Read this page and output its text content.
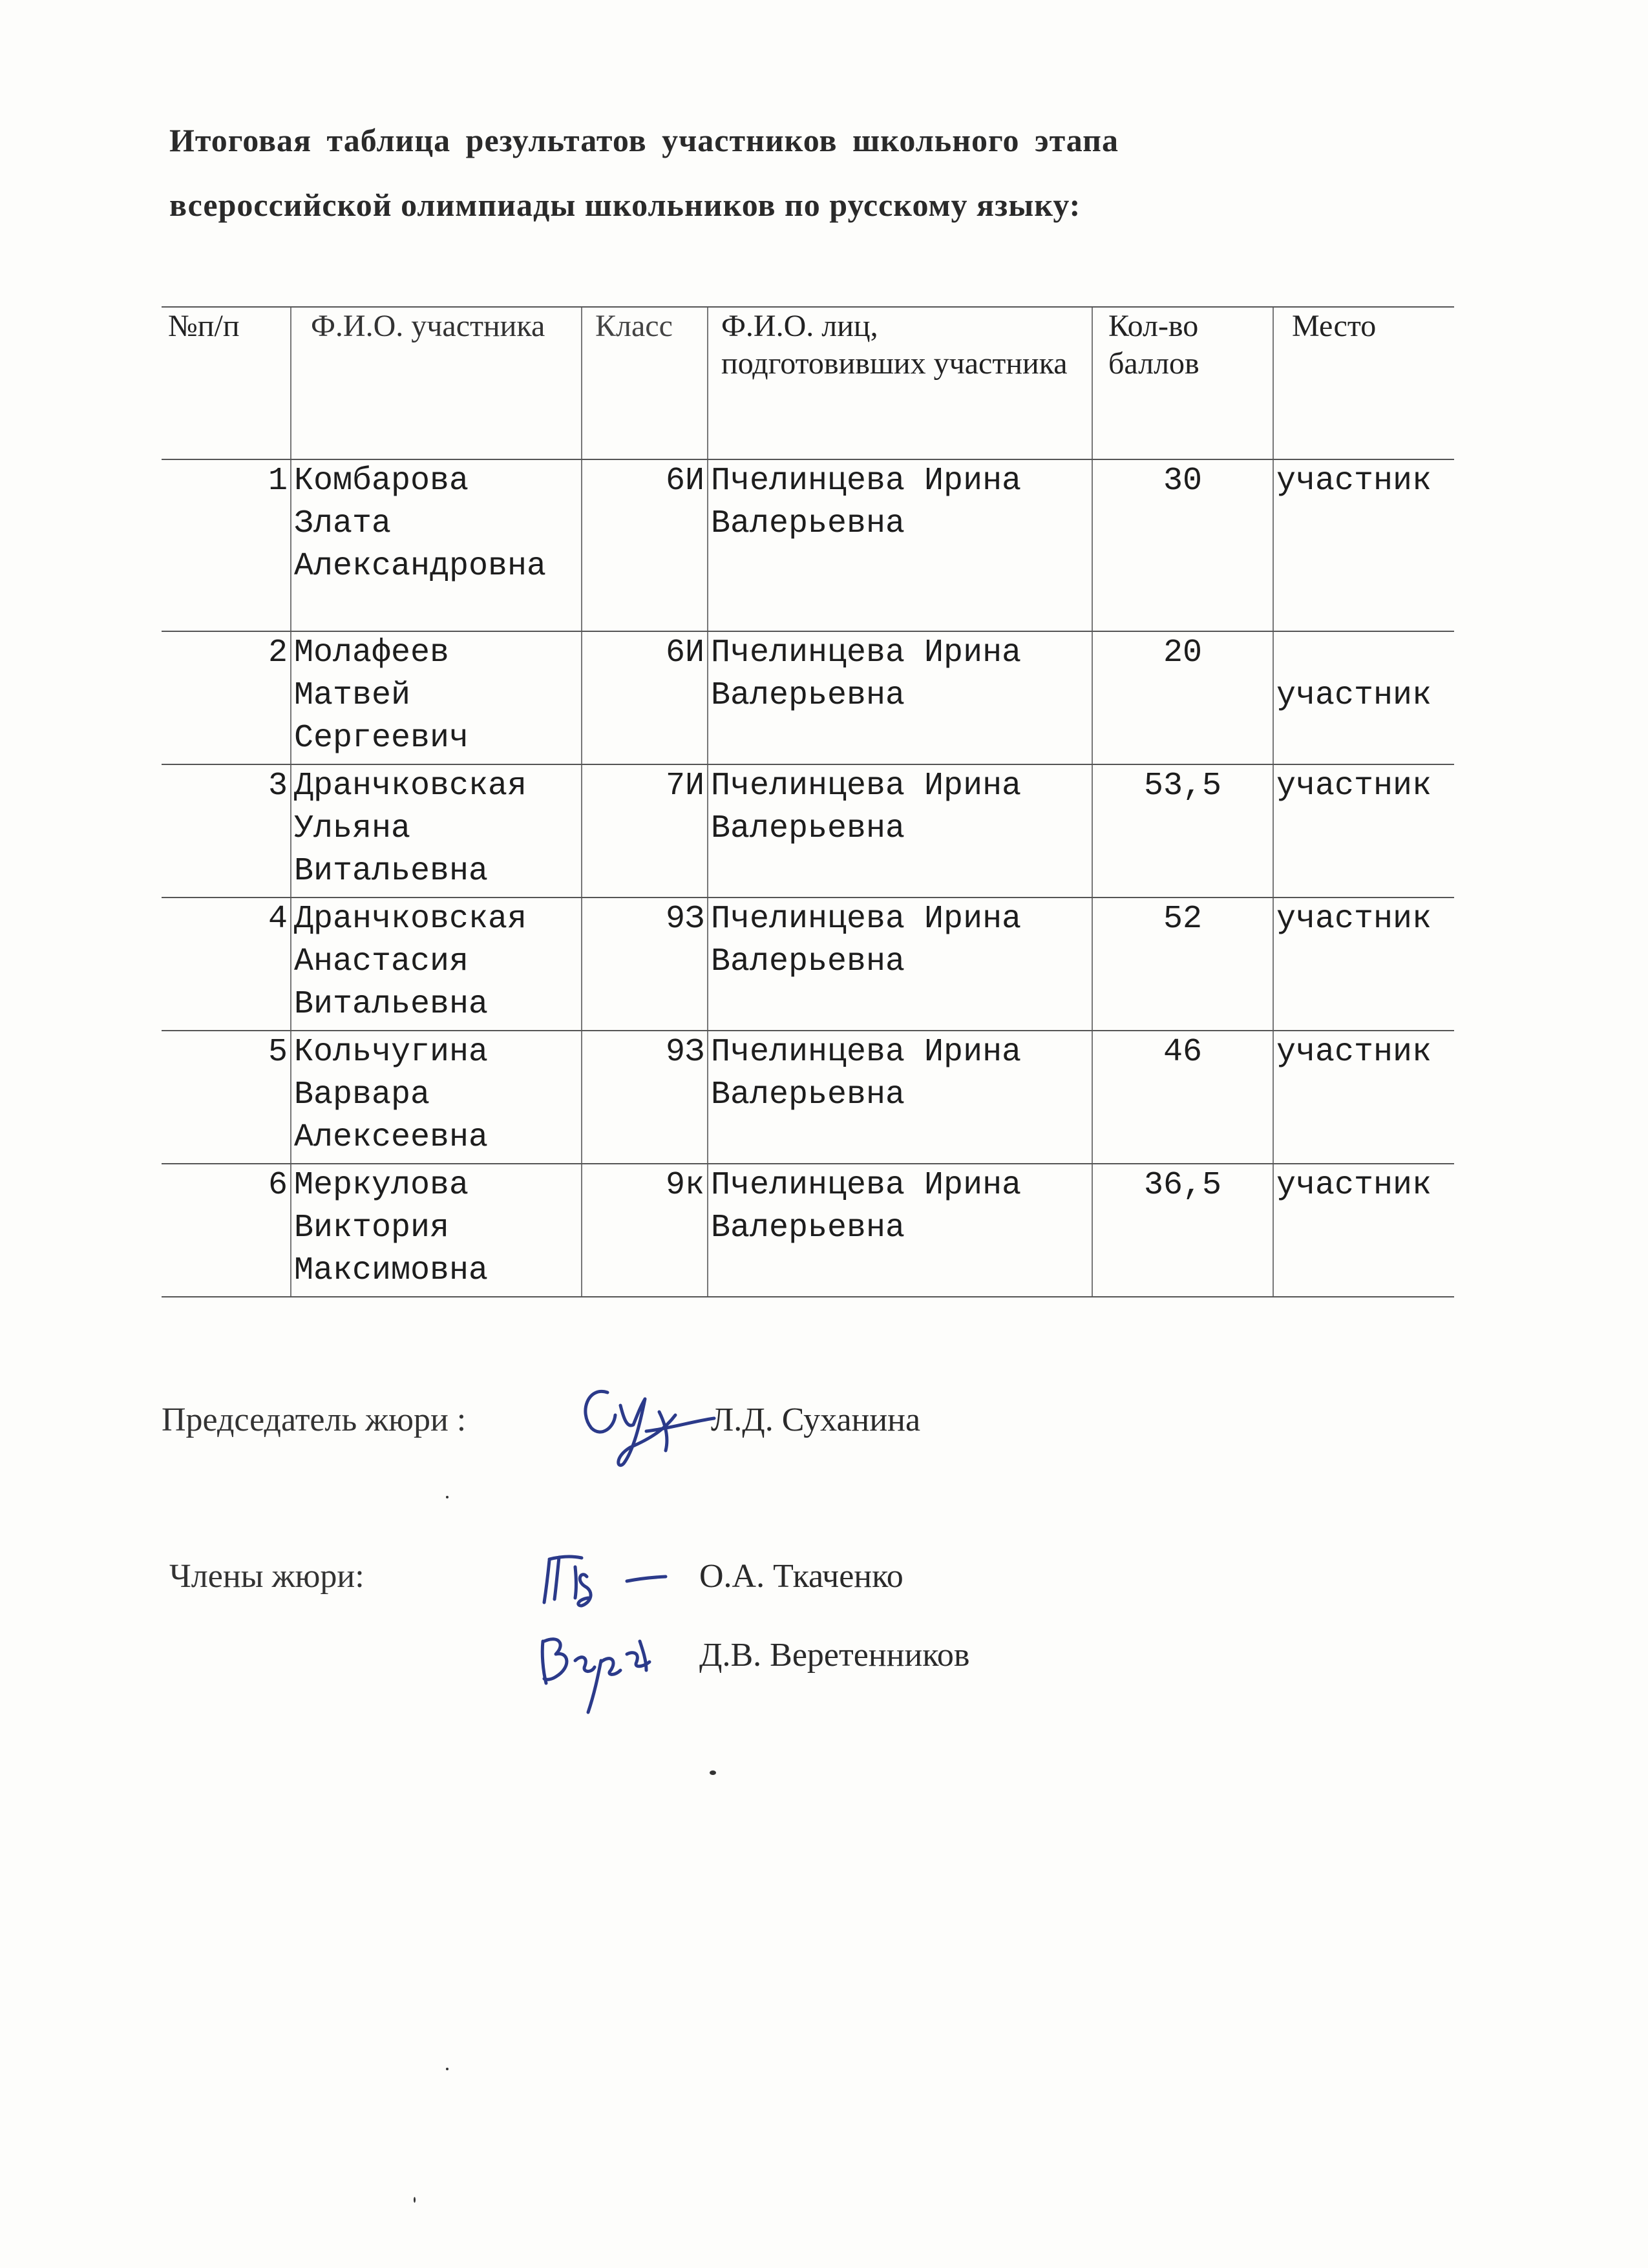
Итоговая таблица результатов участников школьного этапа
всероссийской олимпиады школьников по русскому языку:
№п/п	Ф.И.О. участника	Класс	Ф.И.О. лиц, подготовивших участника	Кол-во баллов	Место
1	Комбарова Злата Александровна	6И	Пчелинцева Ирина Валерьевна	30	участник
2	Молафеев Матвей Сергеевич	6И	Пчелинцева Ирина Валерьевна	20	участник

3	Дранчковская Ульяна Витальевна	7И	Пчелинцева Ирина Валерьевна	53,5	участник
4	Дранчковская Анастасия Витальевна	9З	Пчелинцева Ирина Валерьевна	52	участник
5	Кольчугина Варвара Алексеевна	9З	Пчелинцева Ирина Валерьевна	46	участник
6	Меркулова Виктория Максимовна	9к	Пчелинцева Ирина Валерьевна	36,5	участник
Председатель жюри :	Л.Д. Суханина
Члены жюри:	О.А. Ткаченко
Д.В. Веретенников
